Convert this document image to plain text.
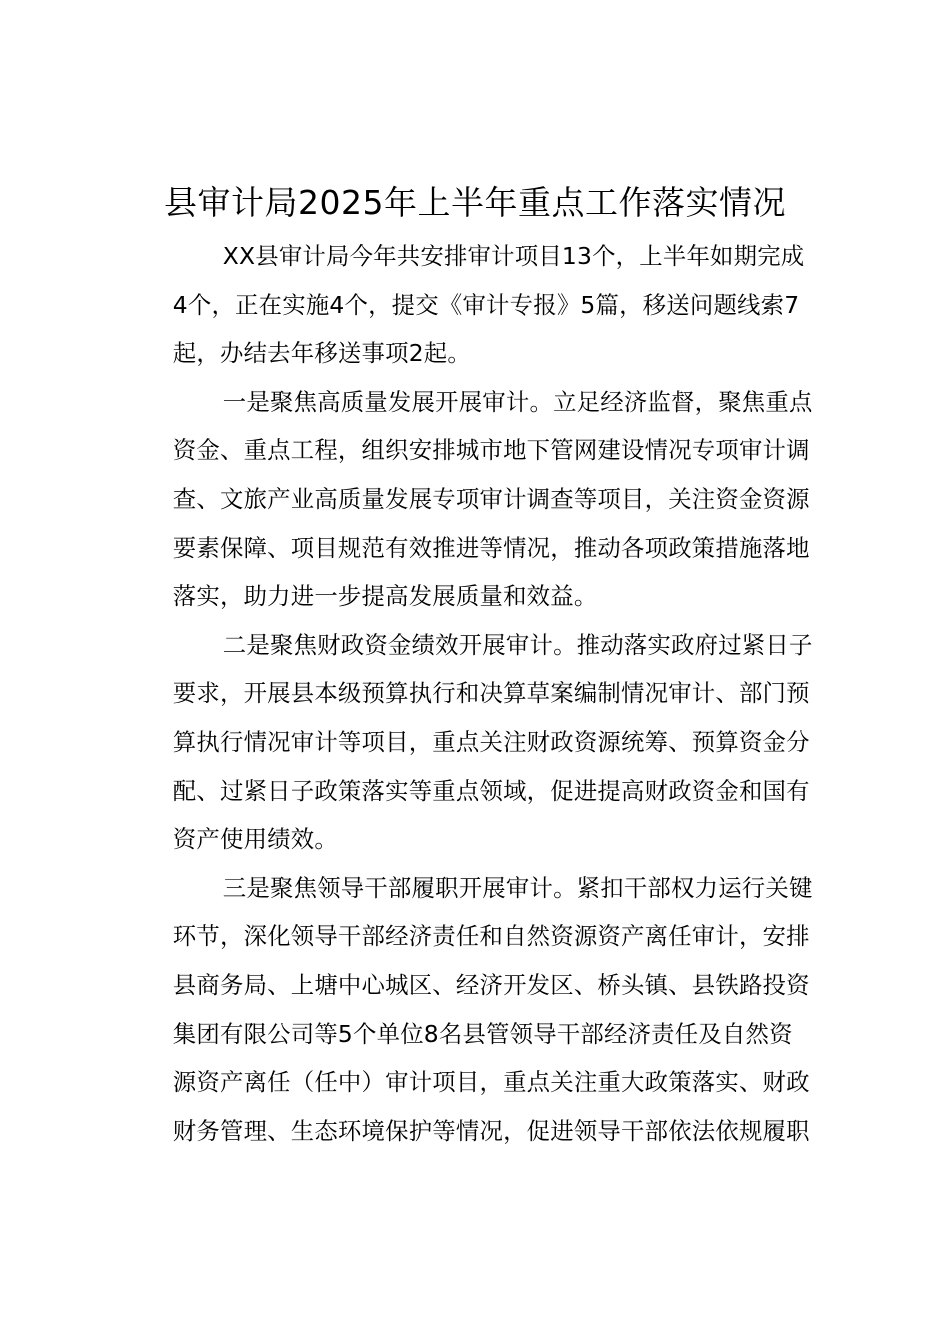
县审计局2025年上半年重点工作落实情况

XX县审计局今年共安排审计项目13个，上半年如期完成
4个，正在实施4个，提交《审计专报》5篇，移送问题线索7
起，办结去年移送事项2起。

一是聚焦高质量发展开展审计。立足经济监督，聚焦重点
资金、重点工程，组织安排城市地下管网建设情况专项审计调
查、文旅产业高质量发展专项审计调查等项目，关注资金资源
要素保障、项目规范有效推进等情况，推动各项政策措施落地
落实，助力进一步提高发展质量和效益。

二是聚焦财政资金绩效开展审计。推动落实政府过紧日子
要求，开展县本级预算执行和决算草案编制情况审计、部门预
算执行情况审计等项目，重点关注财政资源统筹、预算资金分
配、过紧日子政策落实等重点领域，促进提高财政资金和国有
资产使用绩效。

三是聚焦领导干部履职开展审计。紧扣干部权力运行关键
环节，深化领导干部经济责任和自然资源资产离任审计，安排
县商务局、上塘中心城区、经济开发区、桥头镇、县铁路投资
集团有限公司等5个单位8名县管领导干部经济责任及自然资
源资产离任（任中）审计项目，重点关注重大政策落实、财政
财务管理、生态环境保护等情况，促进领导干部依法依规履职
